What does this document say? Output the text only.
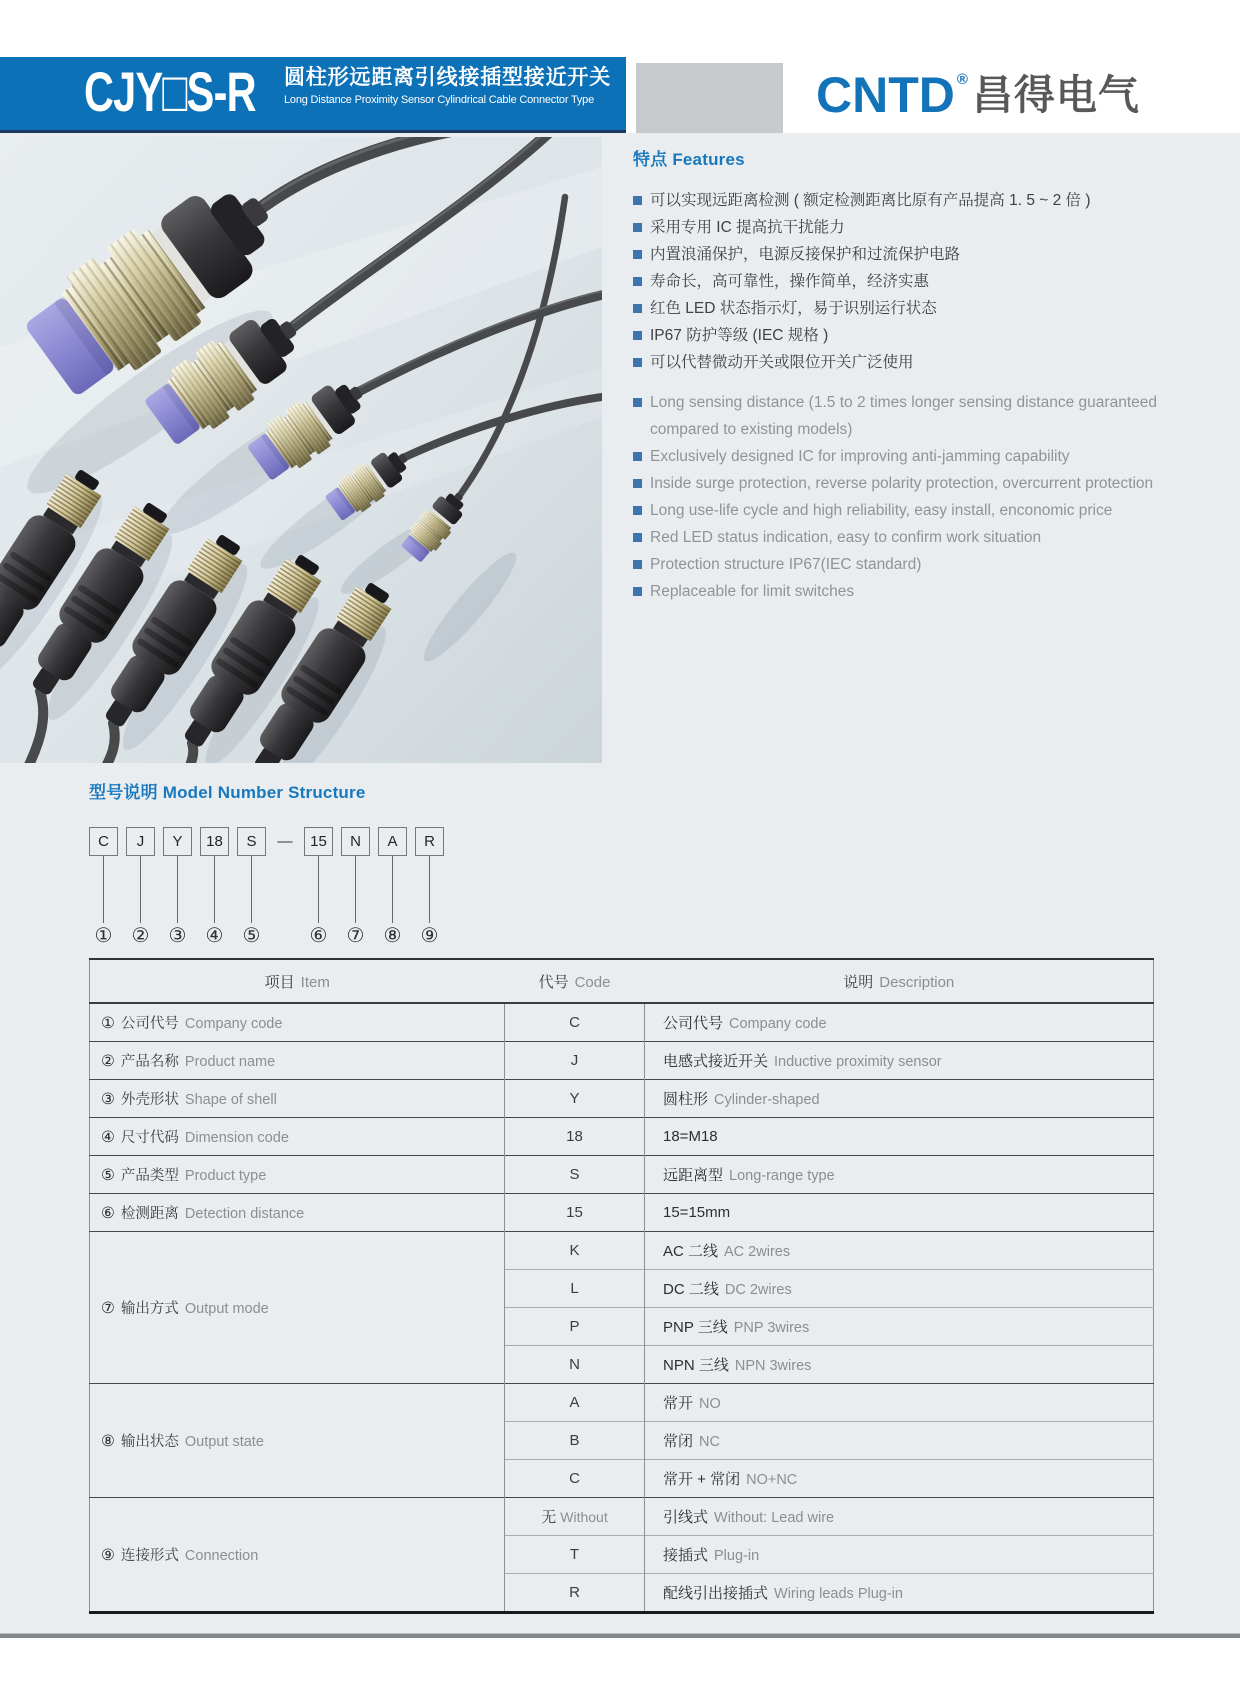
CJY□S-R 圆柱形远距离引线接插型接近开关
Long Distance Proximity Sensor Cylindrical Cable Connector Type	CNTD ® 昌得电气
特点 Features
可以实现远距离检测 ( 额定检测距离比原有产品提高 1. 5 ~ 2 倍 )
采用专用 IC 提高抗干扰能力
内置浪涌保护，电源反接保护和过流保护电路
寿命长，高可靠性，操作简单，经济实惠
红色 LED 状态指示灯，易于识别运行状态
IP67 防护等级 (IEC 规格 )
可以代替微动开关或限位开关广泛使用
Long sensing distance (1.5 to 2 times longer sensing distance guaranteed compared to existing models)
Exclusively designed IC for improving anti-jamming capability
Inside surge protection, reverse polarity protection, overcurrent protection
Long use-life cycle and high reliability, easy install, enconomic price
Red LED status indication, easy to confirm work situation
Protection structure IP67(IEC standard)
Replaceable for limit switches
型号说明 Model Number Structure
C
①
J
②
Y
③
18
④
S
⑤
—	15
⑥
N
⑦
A
⑧
R
⑨
项目 Item	代号 Code	说明 Description
① 公司代号 Company code	C	公司代号 Company code
② 产品名称 Product name	J	电感式接近开关 Inductive proximity sensor
③ 外壳形状 Shape of shell	Y	圆柱形 Cylinder-shaped
④ 尺寸代码 Dimension code	18	18=M18
⑤ 产品类型 Product type	S	远距离型 Long-range type
⑥ 检测距离 Detection distance	15	15=15mm
⑦ 输出方式 Output mode	K	AC 二线 AC 2wires
	L	DC 二线 DC 2wires
	P	PNP 三线 PNP 3wires
	N	NPN 三线 NPN 3wires
⑧ 输出状态 Output state	A	常开 NO
	B	常闭 NC
	C	常开 + 常闭 NO+NC
⑨ 连接形式 Connection	无 Without	引线式 Without: Lead wire
	T	接插式 Plug-in
	R	配线引出接插式 Wiring leads Plug-in
